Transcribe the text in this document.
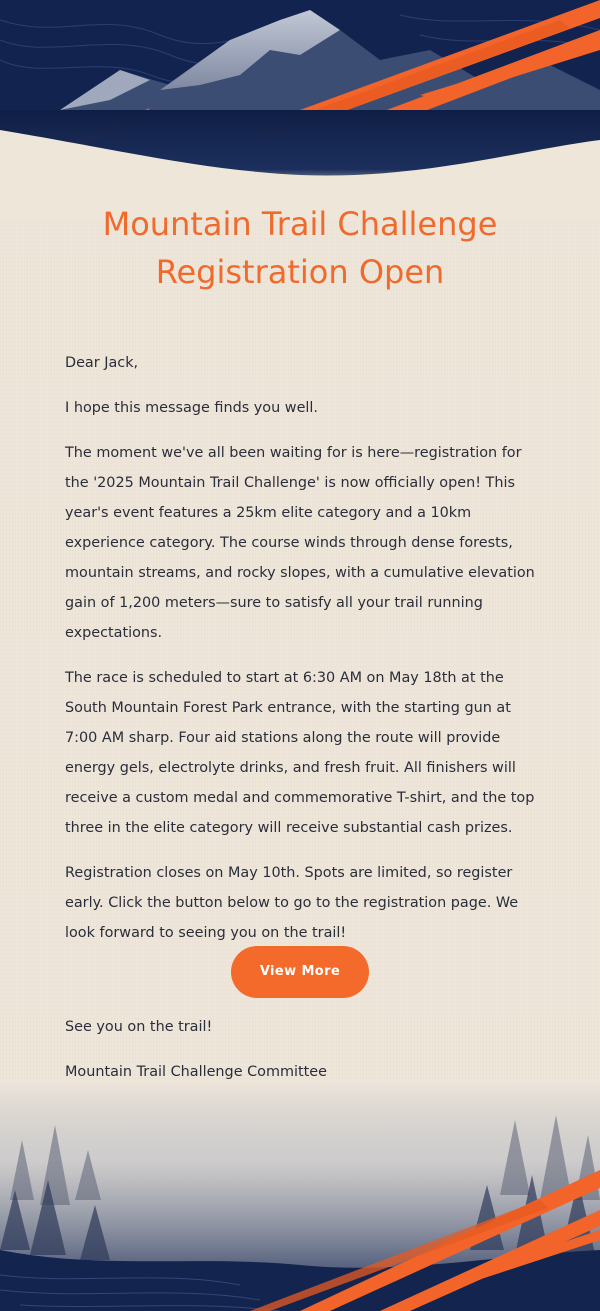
Mountain Trail Challenge
Registration Open

Dear Jack,

I hope this message finds you well.

The moment we've all been waiting for is here—registration for the '2025 Mountain Trail Challenge' is now officially open! This year's event features a 25km elite category and a 10km experience category. The course winds through dense forests, mountain streams, and rocky slopes, with a cumulative elevation gain of 1,200 meters—sure to satisfy all your trail running expectations.

The race is scheduled to start at 6:30 AM on May 18th at the South Mountain Forest Park entrance, with the starting gun at 7:00 AM sharp. Four aid stations along the route will provide energy gels, electrolyte drinks, and fresh fruit. All finishers will receive a custom medal and commemorative T-shirt, and the top three in the elite category will receive substantial cash prizes.

Registration closes on May 10th. Spots are limited, so register early. Click the button below to go to the registration page. We look forward to seeing you on the trail!

View More

See you on the trail!

Mountain Trail Challenge Committee
